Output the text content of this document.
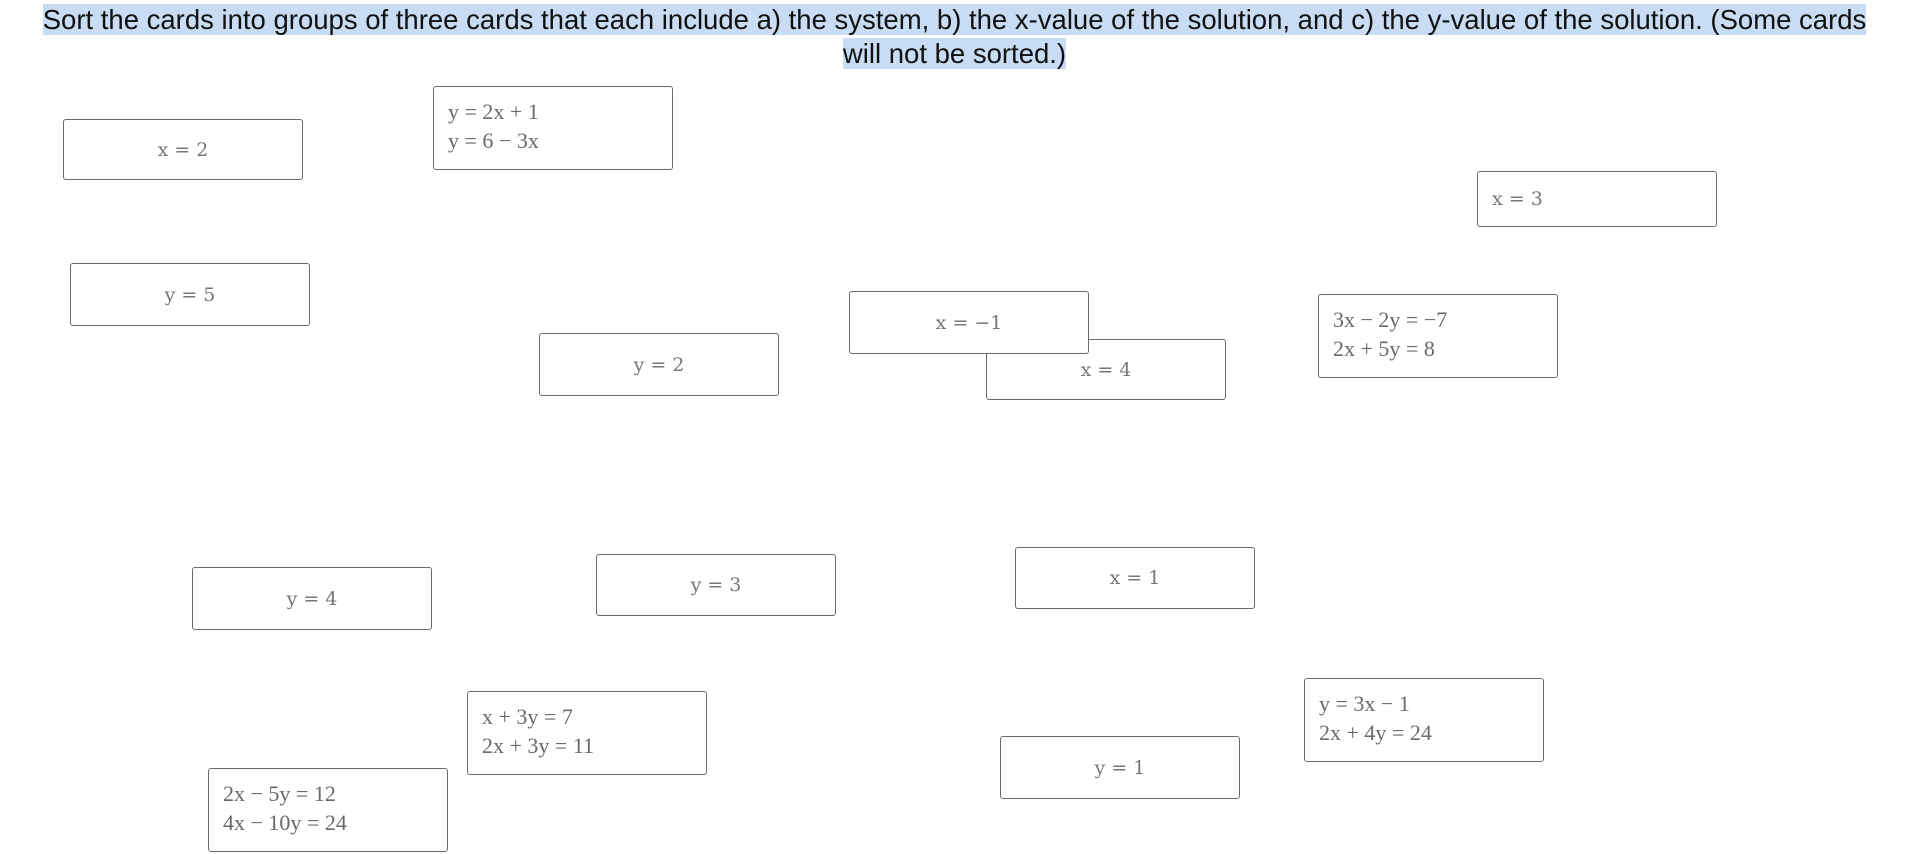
Sort the cards into groups of three cards that each include a) the system, b) the x-value of the solution, and c) the y-value of the solution. (Some cards
will not be sorted.)

x = 2
x = 3
y = 5
x = 4
x = −1
y = 2
y = 4
y = 3	x = 1
y = 1
y = 2x + 1
y = 6 − 3x
3x − 2y = −7
2x + 5y = 8
x + 3y = 7
2x + 3y = 11
y = 3x − 1
2x + 4y = 24
2x − 5y = 12
4x − 10y = 24
